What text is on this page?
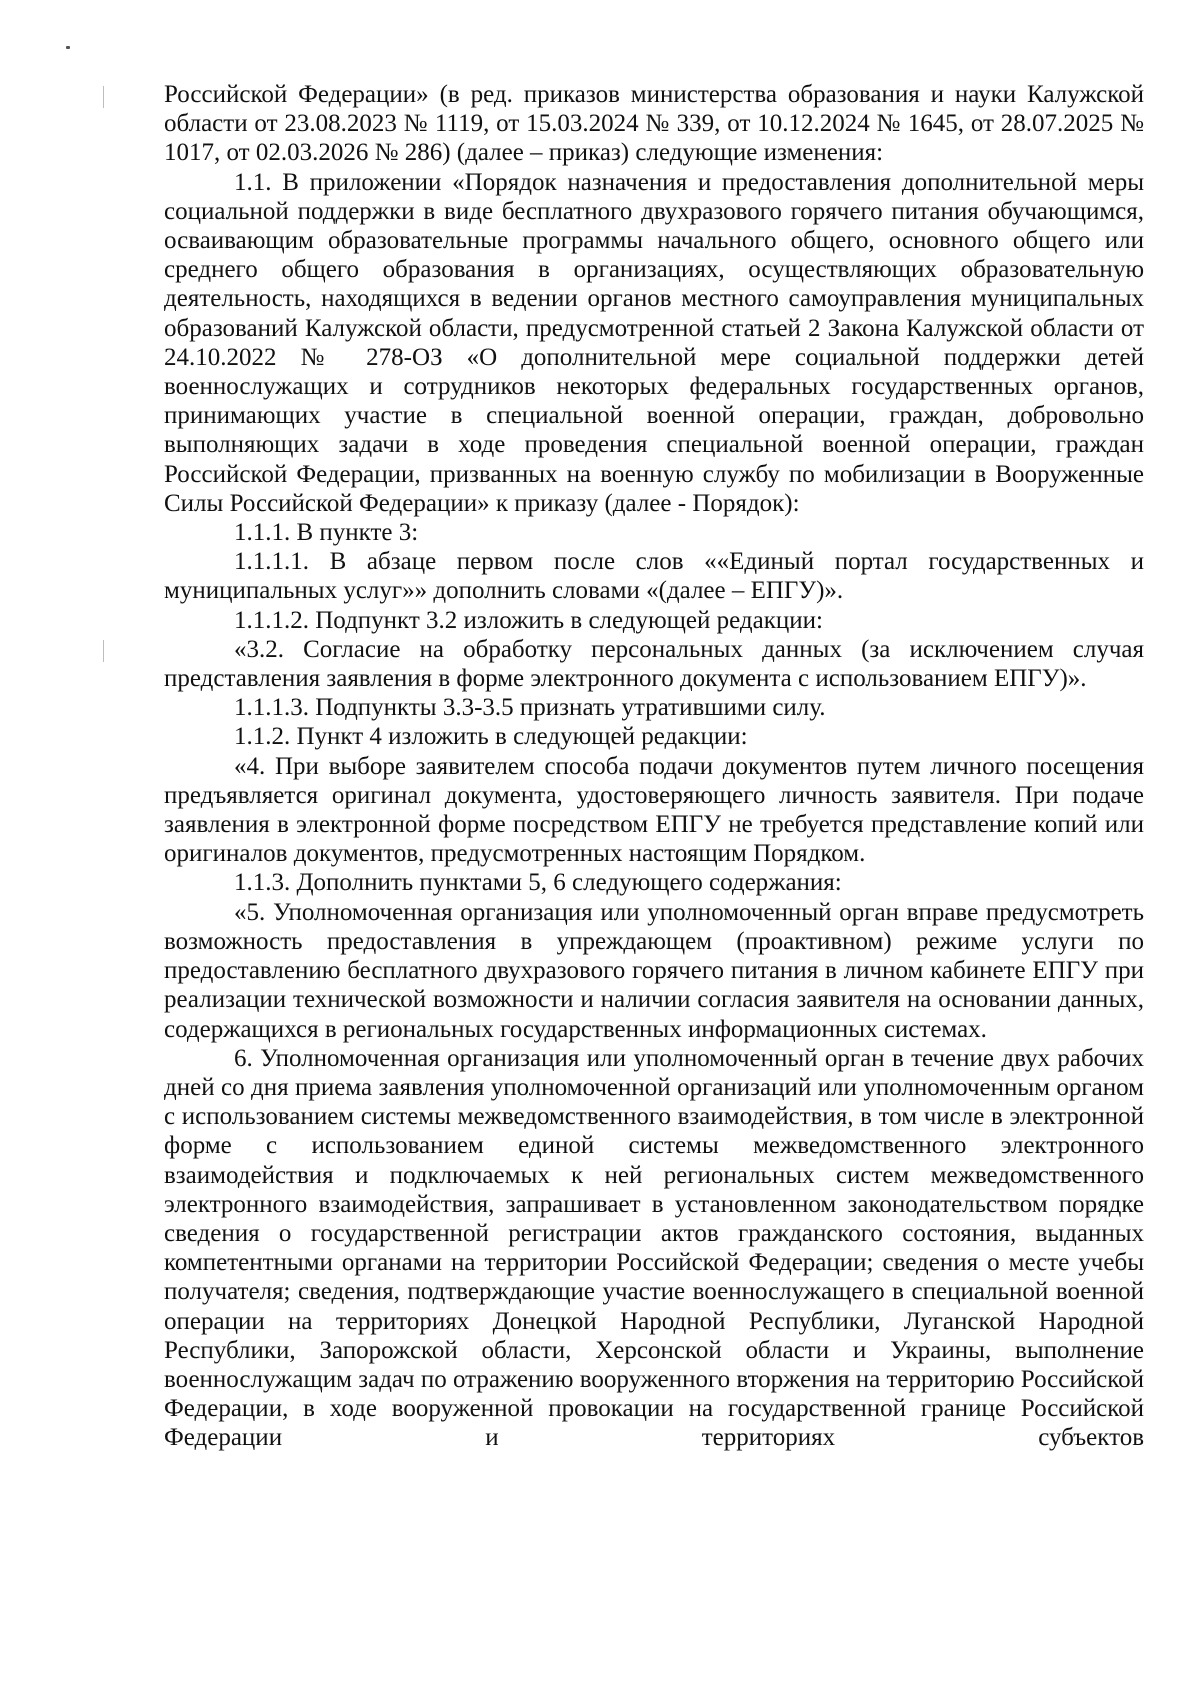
Российской Федерации» (в ред. приказов министерства образования и науки Калужской области от 23.08.2023 № 1119, от 15.03.2024 № 339, от 10.12.2024 № 1645, от 28.07.2025 № 1017, от 02.03.2026 № 286) (далее – приказ) следующие изменения:

1.1. В приложении «Порядок назначения и предоставления дополнительной меры социальной поддержки в виде бесплатного двухразового горячего питания обучающимся, осваивающим образовательные программы начального общего, основного общего или среднего общего образования в организациях, осуществляющих образовательную деятельность, находящихся в ведении органов местного самоуправления муниципальных образований Калужской области, предусмотренной статьей 2 Закона Калужской области от 24.10.2022 № 278-ОЗ «О дополнительной мере социальной поддержки детей военнослужащих и сотрудников некоторых федеральных государственных органов, принимающих участие в специальной военной операции, граждан, добровольно выполняющих задачи в ходе проведения специальной военной операции, граждан Российской Федерации, призванных на военную службу по мобилизации в Вооруженные Силы Российской Федерации» к приказу (далее - Порядок):

1.1.1. В пункте 3:

1.1.1.1. В абзаце первом после слов ««Единый портал государственных и муниципальных услуг»» дополнить словами «(далее – ЕПГУ)».

1.1.1.2. Подпункт 3.2 изложить в следующей редакции:

«3.2. Согласие на обработку персональных данных (за исключением случая представления заявления в форме электронного документа с использованием ЕПГУ)».

1.1.1.3. Подпункты 3.3-3.5 признать утратившими силу.

1.1.2. Пункт 4 изложить в следующей редакции:

«4. При выборе заявителем способа подачи документов путем личного посещения предъявляется оригинал документа, удостоверяющего личность заявителя. При подаче заявления в электронной форме посредством ЕПГУ не требуется представление копий или оригиналов документов, предусмотренных настоящим Порядком.

1.1.3. Дополнить пунктами 5, 6 следующего содержания:

«5. Уполномоченная организация или уполномоченный орган вправе предусмотреть возможность предоставления в упреждающем (проактивном) режиме услуги по предоставлению бесплатного двухразового горячего питания в личном кабинете ЕПГУ при реализации технической возможности и наличии согласия заявителя на основании данных, содержащихся в региональных государственных информационных системах.

6. Уполномоченная организация или уполномоченный орган в течение двух рабочих дней со дня приема заявления уполномоченной организаций или уполномоченным органом с использованием системы межведомственного взаимодействия, в том числе в электронной форме с использованием единой системы межведомственного электронного взаимодействия и подключаемых к ней региональных систем межведомственного электронного взаимодействия, запрашивает в установленном законодательством порядке сведения о государственной регистрации актов гражданского состояния, выданных компетентными органами на территории Российской Федерации; сведения о месте учебы получателя; сведения, подтверждающие участие военнослужащего в специальной военной операции на территориях Донецкой Народной Республики, Луганской Народной Республики, Запорожской области, Херсонской области и Украины, выполнение военнослужащим задач по отражению вооруженного вторжения на территорию Российской Федерации, в ходе вооруженной провокации на государственной границе Российской Федерации и территориях субъектов
